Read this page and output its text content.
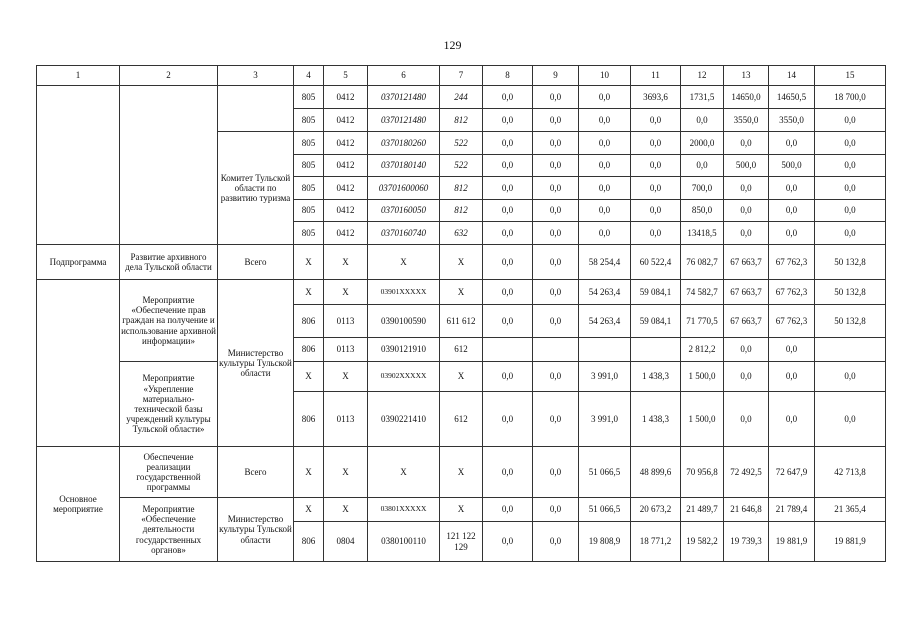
129
1	2	3	4	5	6	7	8	9	10	11	12	13	14	15
			805	0412	0370121480	244	0,0	0,0	0,0	3693,6	1731,5	14650,0	14650,5	18 700,0
			805	0412	0370121480	812	0,0	0,0	0,0	0,0	0,0	3550,0	3550,0	0,0
		Комитет Тульской области по развитию туризма	805	0412	0370180260	522	0,0	0,0	0,0	0,0	2000,0	0,0	0,0	0,0
			805	0412	0370180140	522	0,0	0,0	0,0	0,0	0,0	500,0	500,0	0,0
			805	0412	03701600060	812	0,0	0,0	0,0	0,0	700,0	0,0	0,0	0,0
			805	0412	0370160050	812	0,0	0,0	0,0	0,0	850,0	0,0	0,0	0,0
			805	0412	0370160740	632	0,0	0,0	0,0	0,0	13418,5	0,0	0,0	0,0
Подпрограмма	Развитие архивного дела Тульской области	Всего	Х	Х	Х	Х	0,0	0,0	58 254,4	60 522,4	76 082,7	67 663,7	67 762,3	50 132,8
	Мероприятие «Обеспечение прав граждан на получение и использование архивной информации»	Министерство культуры Тульской области	Х	Х	03901ХХХХХ	Х	0,0	0,0	54 263,4	59 084,1	74 582,7	67 663,7	67 762,3	50 132,8
			806	0113	0390100590	611 612	0,0	0,0	54 263,4	59 084,1	71 770,5	67 663,7	67 762,3	50 132,8
			806	0113	0390121910	612					2 812,2	0,0	0,0	
	Мероприятие «Укрепление материально-технической базы учреждений культуры Тульской области»		Х	Х	03902ХХХХХ	Х	0,0	0,0	3 991,0	1 438,3	1 500,0	0,0	0,0	0,0
			806	0113	0390221410	612	0,0	0,0	3 991,0	1 438,3	1 500,0	0,0	0,0	0,0
Основное мероприятие	Обеспечение реализации государственной программы	Всего	Х	Х	Х	Х	0,0	0,0	51 066,5	48 899,6	70 956,8	72 492,5	72 647,9	42 713,8
	Мероприятие «Обеспечение деятельности государственных органов»	Министерство культуры Тульской области	Х	Х	03801ХХХХХ	Х	0,0	0,0	51 066,5	20 673,2	21 489,7	21 646,8	21 789,4	21 365,4
			806	0804	0380100110	121 122 129	0,0	0,0	19 808,9	18 771,2	19 582,2	19 739,3	19 881,9	19 881,9
